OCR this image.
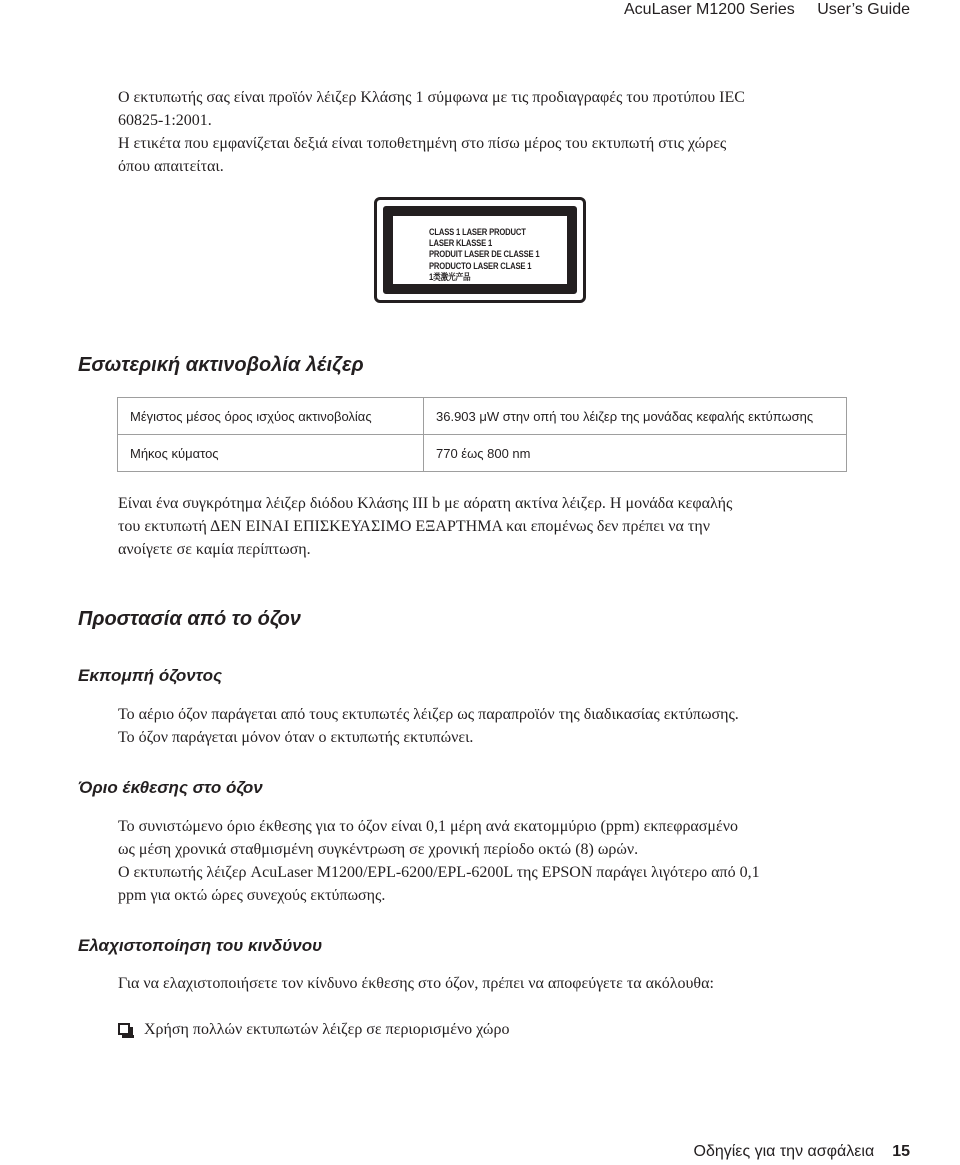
AcuLaser M1200 Series User’s Guide

Ο εκτυπωτής σας είναι προϊόν λέιζερ Κλάσης 1 σύμφωνα με τις προδιαγραφές του προτύπου IEC
60825-1:2001.
Η ετικέτα που εμφανίζεται δεξιά είναι τοποθετημένη στο πίσω μέρος του εκτυπωτή στις χώρες
όπου απαιτείται.

CLASS 1 LASER PRODUCT
LASER KLASSE 1
PRODUIT LASER DE CLASSE 1
PRODUCTO LASER CLASE 1
1类激光产品
Εσωτερική ακτινοβολία λέιζερ
Μέγιστος μέσος όρος ισχύος ακτινοβολίας	36.903 μW στην οπή του λέιζερ της μονάδας κεφαλής εκτύπωσης
Μήκος κύματος	770 έως 800 nm

Είναι ένα συγκρότημα λέιζερ διόδου Κλάσης III b με αόρατη ακτίνα λέιζερ. Η μονάδα κεφαλής
του εκτυπωτή ΔΕΝ ΕΙΝΑΙ ΕΠΙΣΚΕΥΑΣΙΜΟ ΕΞΑΡΤΗΜΑ και επομένως δεν πρέπει να την
ανοίγετε σε καμία περίπτωση.

Προστασία από το όζον
Εκπομπή όζοντος

Το αέριο όζον παράγεται από τους εκτυπωτές λέιζερ ως παραπροϊόν της διαδικασίας εκτύπωσης.
Το όζον παράγεται μόνον όταν ο εκτυπωτής εκτυπώνει.

Όριο έκθεσης στο όζον

Το συνιστώμενο όριο έκθεσης για το όζον είναι 0,1 μέρη ανά εκατομμύριο (ppm) εκπεφρασμένο
ως μέση χρονικά σταθμισμένη συγκέντρωση σε χρονική περίοδο οκτώ (8) ωρών.
Ο εκτυπωτής λέιζερ AcuLaser M1200/EPL-6200/EPL-6200L της EPSON παράγει λιγότερο από 0,1
ppm για οκτώ ώρες συνεχούς εκτύπωσης.

Ελαχιστοποίηση του κινδύνου

Για να ελαχιστοποιήσετε τον κίνδυνο έκθεσης στο όζον, πρέπει να αποφεύγετε τα ακόλουθα:

Χρήση πολλών εκτυπωτών λέιζερ σε περιορισμένο χώρο
Οδηγίες για την ασφάλεια 15
